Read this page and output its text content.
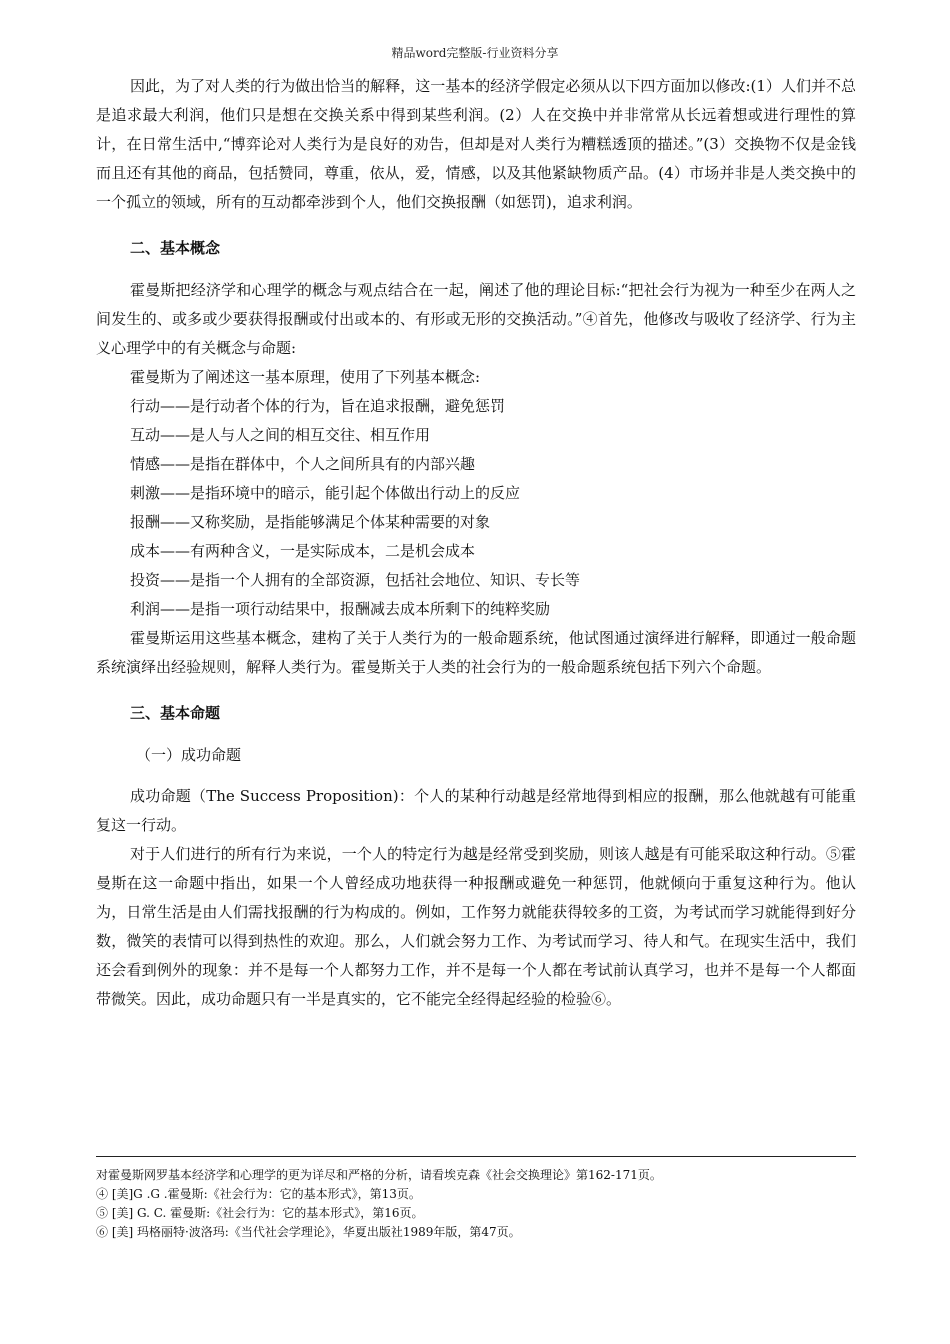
精品word完整版-行业资料分享

因此，为了对人类的行为做出恰当的解释，这一基本的经济学假定必须从以下四方面加以修改:(1）人们并不总是追求最大利润，他们只是想在交换关系中得到某些利润。(2）人在交换中并非常常从长远着想或进行理性的算计，在日常生活中,“博弈论对人类行为是良好的劝告，但却是对人类行为糟糕透顶的描述。”(3）交换物不仅是金钱而且还有其他的商品，包括赞同，尊重，依从，爱，情感，以及其他紧缺物质产品。(4）市场并非是人类交换中的一个孤立的领域，所有的互动都牵涉到个人，他们交换报酬（如惩罚)，追求利润。

二、基本概念

霍曼斯把经济学和心理学的概念与观点结合在一起，阐述了他的理论目标:“把社会行为视为一种至少在两人之间发生的、或多或少要获得报酬或付出或本的、有形或无形的交换活动。”④首先，他修改与吸收了经济学、行为主义心理学中的有关概念与命题:

霍曼斯为了阐述这一基本原理，使用了下列基本概念:

行动——是行动者个体的行为，旨在追求报酬，避免惩罚
互动——是人与人之间的相互交往、相互作用
情感——是指在群体中，个人之间所具有的内部兴趣
刺激——是指环境中的暗示，能引起个体做出行动上的反应
报酬——又称奖励，是指能够满足个体某种需要的对象
成本——有两种含义，一是实际成本，二是机会成本
投资——是指一个人拥有的全部资源，包括社会地位、知识、专长等
利润——是指一项行动结果中，报酬减去成本所剩下的纯粹奖励

霍曼斯运用这些基本概念，建构了关于人类行为的一般命题系统，他试图通过演绎进行解释，即通过一般命题系统演绎出经验规则，解释人类行为。霍曼斯关于人类的社会行为的一般命题系统包括下列六个命题。

三、基本命题
（一）成功命题

成功命题（The Success Proposition)：个人的某种行动越是经常地得到相应的报酬，那么他就越有可能重复这一行动。

对于人们进行的所有行为来说，一个人的特定行为越是经常受到奖励，则该人越是有可能采取这种行动。⑤霍曼斯在这一命题中指出，如果一个人曾经成功地获得一种报酬或避免一种惩罚，他就倾向于重复这种行为。他认为，日常生活是由人们需找报酬的行为构成的。例如，工作努力就能获得较多的工资，为考试而学习就能得到好分数，微笑的表情可以得到热性的欢迎。那么，人们就会努力工作、为考试而学习、待人和气。在现实生活中，我们还会看到例外的现象：并不是每一个人都努力工作，并不是每一个人都在考试前认真学习，也并不是每一个人都面带微笑。因此，成功命题只有一半是真实的，它不能完全经得起经验的检验⑥。

对霍曼斯网罗基本经济学和心理学的更为详尽和严格的分析，请看埃克森《社会交换理论》第162-171页。
④ [美]G .G .霍曼斯:《社会行为：它的基本形式》，第13页。
⑤ [美] G. C. 霍曼斯:《社会行为：它的基本形式》，第16页。
⑥ [美] 玛格丽特·波洛玛:《当代社会学理论》，华夏出版社1989年版，第47页。
